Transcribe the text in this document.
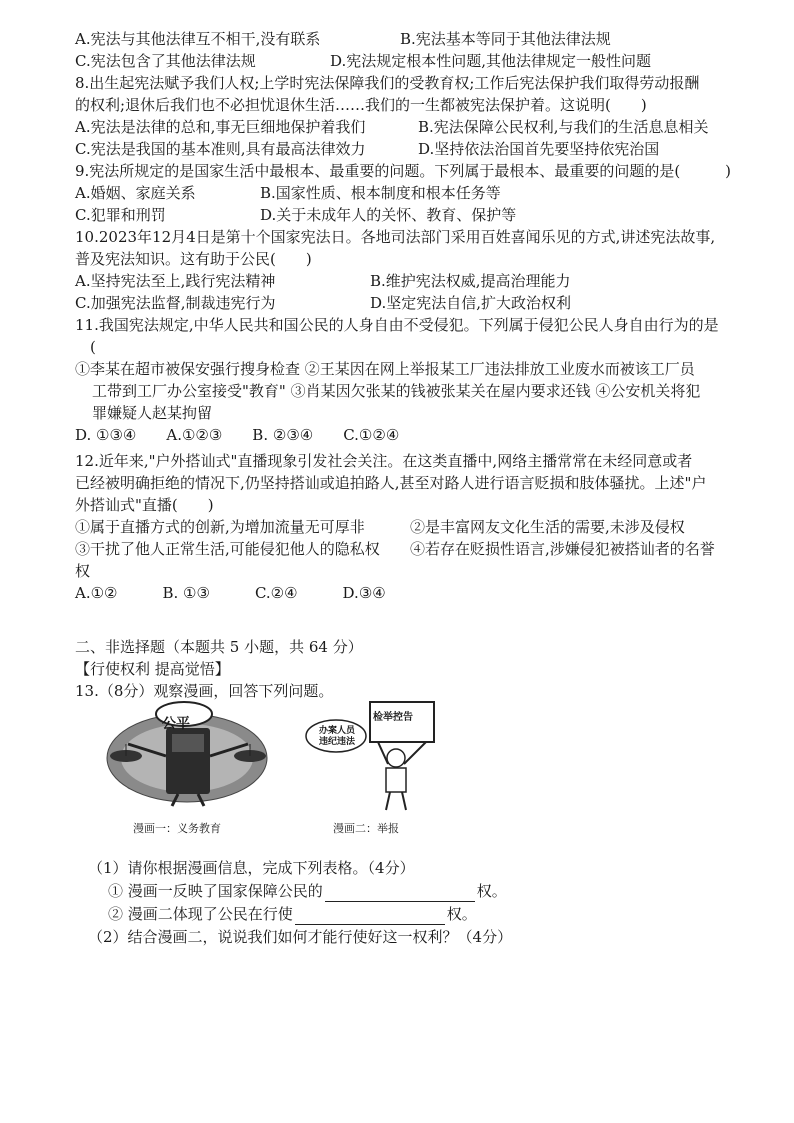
A.宪法与其他法律互不相干,没有联系	B.宪法基本等同于其他法律法规
C.宪法包含了其他法律法规	D.宪法规定根本性问题,其他法律规定一般性问题
8.出生起宪法赋予我们人权;上学时宪法保障我们的受教育权;工作后宪法保护我们取得劳动报酬
的权利;退休后我们也不必担忧退休生活……我们的一生都被宪法保护着。这说明(　　)
A.宪法是法律的总和,事无巨细地保护着我们	B.宪法保障公民权利,与我们的生活息息相关
C.宪法是我国的基本准则,具有最高法律效力	D.坚持依法治国首先要坚持依宪治国
9.宪法所规定的是国家生活中最根本、最重要的问题。下列属于最根本、最重要的问题的是(　　　)
A.婚姻、家庭关系	B.国家性质、根本制度和根本任务等
C.犯罪和刑罚	D.关于未成年人的关怀、教育、保护等
10.2023年12月4日是第十个国家宪法日。各地司法部门采用百姓喜闻乐见的方式,讲述宪法故事,
普及宪法知识。这有助于公民(　　)
A.坚持宪法至上,践行宪法精神	B.维护宪法权威,提高治理能力
C.加强宪法监督,制裁违宪行为	D.坚定宪法自信,扩大政治权利
11.我国宪法规定,中华人民共和国公民的人身自由不受侵犯。下列属于侵犯公民人身自由行为的是
(
①李某在超市被保安强行搜身检查 ②王某因在网上举报某工厂违法排放工业废水而被该工厂员
工带到工厂办公室接受"教育" ③肖某因欠张某的钱被张某关在屋内要求还钱 ④公安机关将犯
罪嫌疑人赵某拘留
D. ①③④　　A.①②③　　B. ②③④　　C.①②④
12.近年来,"户外搭讪式"直播现象引发社会关注。在这类直播中,网络主播常常在未经同意或者
已经被明确拒绝的情况下,仍坚持搭讪或追拍路人,甚至对路人进行语言贬损和肢体骚扰。上述"户
外搭讪式"直播(　　)
①属于直播方式的创新,为增加流量无可厚非	②是丰富网友文化生活的需要,未涉及侵权
③干扰了他人正常生活,可能侵犯他人的隐私权 ④若存在贬损性语言,涉嫌侵犯被搭讪者的名誉
权
A.①②　　　B. ①③　　　C.②④　　　D.③④
二、非选择题（本题共 5 小题，共 64 分）
【行使权利 提高觉悟】
13.（8分）观察漫画，回答下列问题。
公平
漫画一：义务教育
检举控告
办案人员违纪违法
漫画二：举报
（1）请你根据漫画信息，完成下列表格。（4分）
① 漫画一反映了国家保障公民的	权。
② 漫画二体现了公民在行使	权。
（2）结合漫画二，说说我们如何才能行使好这一权利？（4分）
